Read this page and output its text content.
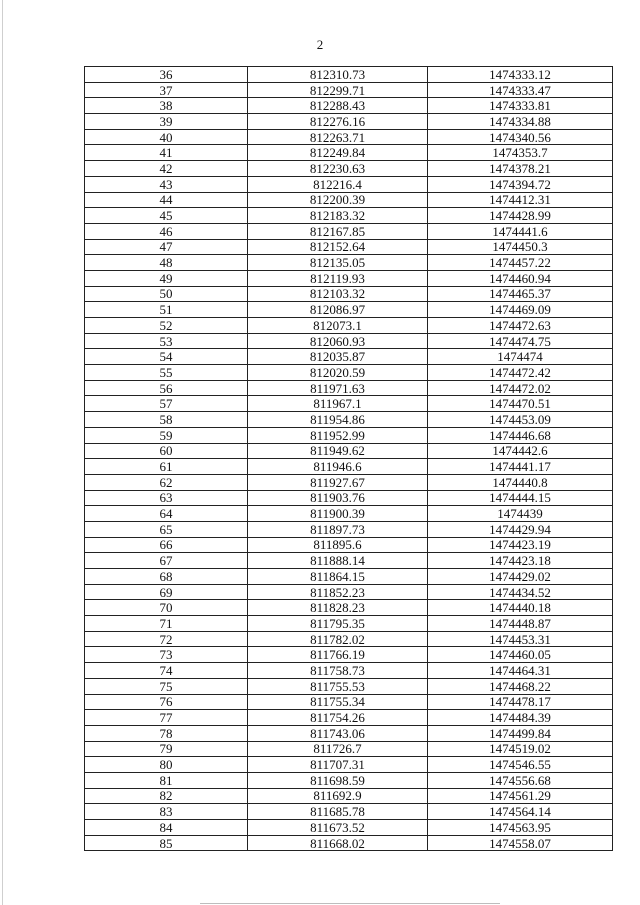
2
36	812310.73	1474333.12
37	812299.71	1474333.47
38	812288.43	1474333.81
39	812276.16	1474334.88
40	812263.71	1474340.56
41	812249.84	1474353.7
42	812230.63	1474378.21
43	812216.4	1474394.72
44	812200.39	1474412.31
45	812183.32	1474428.99
46	812167.85	1474441.6
47	812152.64	1474450.3
48	812135.05	1474457.22
49	812119.93	1474460.94
50	812103.32	1474465.37
51	812086.97	1474469.09
52	812073.1	1474472.63
53	812060.93	1474474.75
54	812035.87	1474474
55	812020.59	1474472.42
56	811971.63	1474472.02
57	811967.1	1474470.51
58	811954.86	1474453.09
59	811952.99	1474446.68
60	811949.62	1474442.6
61	811946.6	1474441.17
62	811927.67	1474440.8
63	811903.76	1474444.15
64	811900.39	1474439
65	811897.73	1474429.94
66	811895.6	1474423.19
67	811888.14	1474423.18
68	811864.15	1474429.02
69	811852.23	1474434.52
70	811828.23	1474440.18
71	811795.35	1474448.87
72	811782.02	1474453.31
73	811766.19	1474460.05
74	811758.73	1474464.31
75	811755.53	1474468.22
76	811755.34	1474478.17
77	811754.26	1474484.39
78	811743.06	1474499.84
79	811726.7	1474519.02
80	811707.31	1474546.55
81	811698.59	1474556.68
82	811692.9	1474561.29
83	811685.78	1474564.14
84	811673.52	1474563.95
85	811668.02	1474558.07
